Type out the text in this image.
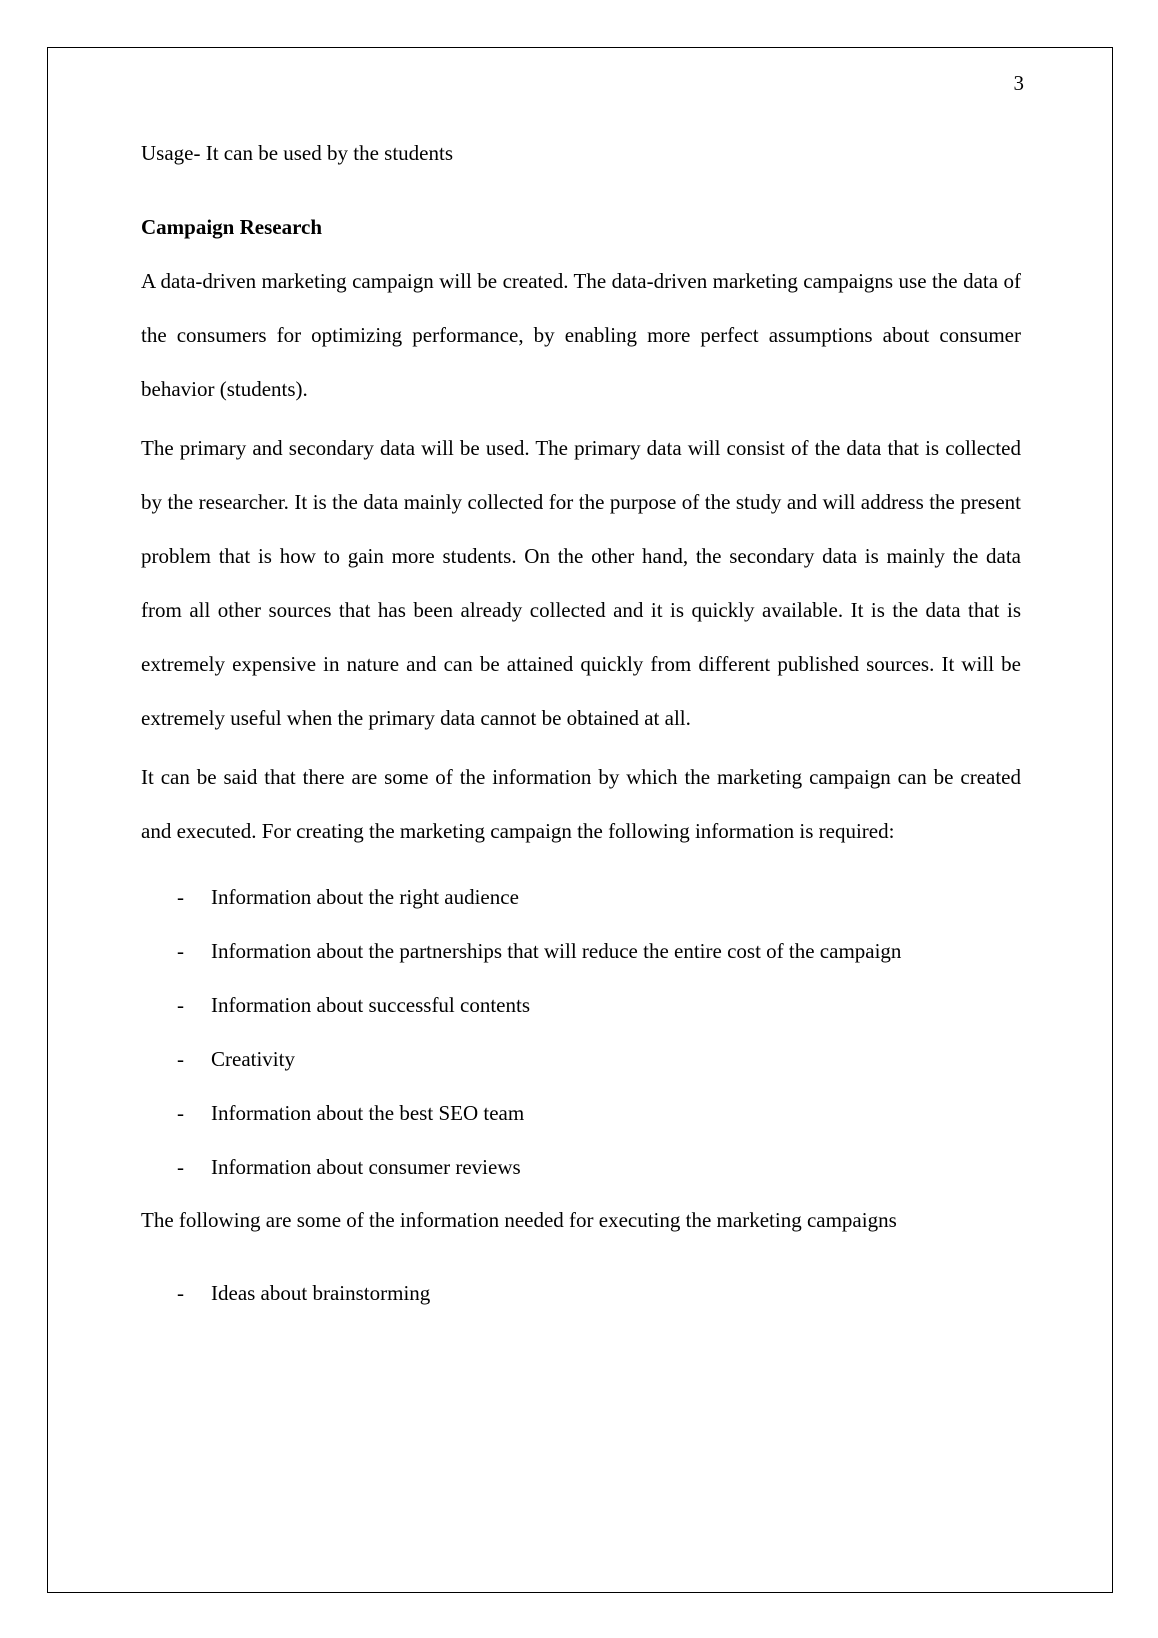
3

Usage- It can be used by the students

Campaign Research

A data-driven marketing campaign will be created. The data-driven marketing campaigns use the data of the consumers for optimizing performance, by enabling more perfect assumptions about consumer behavior (students).

The primary and secondary data will be used. The primary data will consist of the data that is collected by the researcher. It is the data mainly collected for the purpose of the study and will address the present problem that is how to gain more students. On the other hand, the secondary data is mainly the data from all other sources that has been already collected and it is quickly available. It is the data that is extremely expensive in nature and can be attained quickly from different published sources. It will be extremely useful when the primary data cannot be obtained at all.

It can be said that there are some of the information by which the marketing campaign can be created and executed. For creating the marketing campaign the following information is required:

- Information about the right audience
- Information about the partnerships that will reduce the entire cost of the campaign
- Information about successful contents
- Creativity
- Information about the best SEO team
- Information about consumer reviews

The following are some of the information needed for executing the marketing campaigns

- Ideas about brainstorming
